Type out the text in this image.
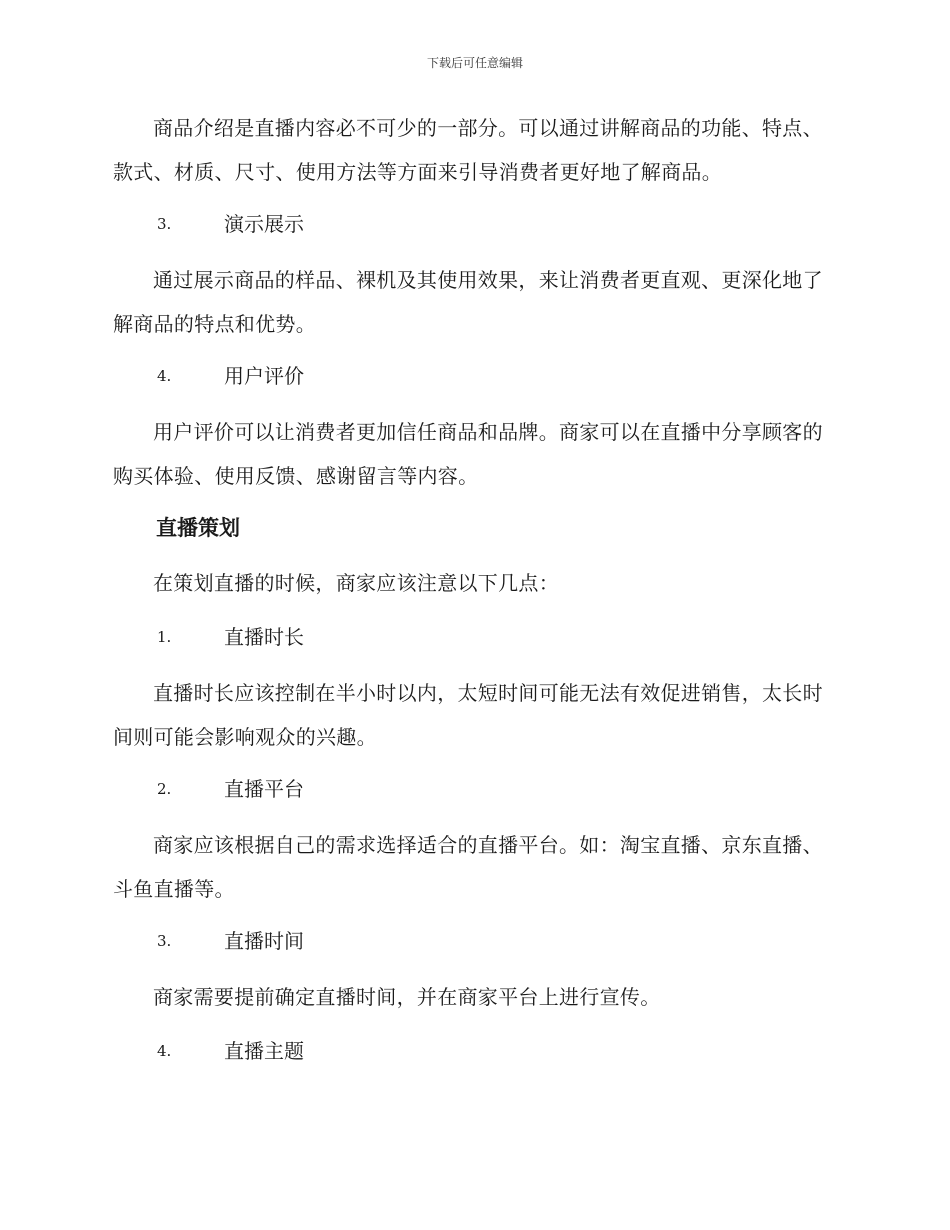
下载后可任意编辑

商品介绍是直播内容必不可少的一部分。可以通过讲解商品的功能、特点、款式、材质、尺寸、使用方法等方面来引导消费者更好地了解商品。

3.	演示展示

通过展示商品的样品、裸机及其使用效果，来让消费者更直观、更深化地了解商品的特点和优势。

4.	用户评价

用户评价可以让消费者更加信任商品和品牌。商家可以在直播中分享顾客的购买体验、使用反馈、感谢留言等内容。

直播策划

在策划直播的时候，商家应该注意以下几点：

1.	直播时长

直播时长应该控制在半小时以内，太短时间可能无法有效促进销售，太长时间则可能会影响观众的兴趣。

2.	直播平台

商家应该根据自己的需求选择适合的直播平台。如：淘宝直播、京东直播、斗鱼直播等。

3.	直播时间

商家需要提前确定直播时间，并在商家平台上进行宣传。

4.	直播主题
